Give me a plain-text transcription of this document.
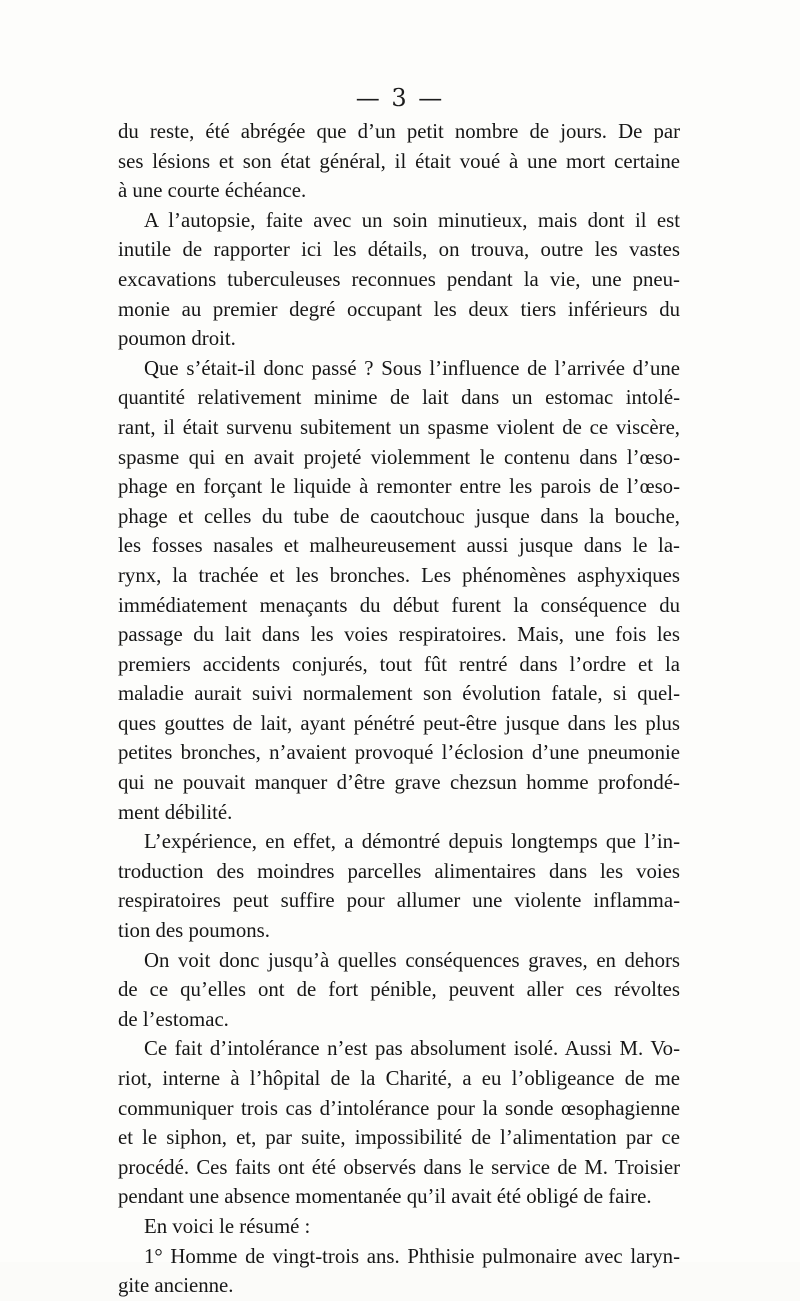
— 3 —

du reste, été abrégée que d’un petit nombre de jours. De par
ses lésions et son état général, il était voué à une mort certaine
à une courte échéance.

A l’autopsie, faite avec un soin minutieux, mais dont il est
inutile de rapporter ici les détails, on trouva, outre les vastes
excavations tuberculeuses reconnues pendant la vie, une pneu-
monie au premier degré occupant les deux tiers inférieurs du
poumon droit.

Que s’était-il donc passé ? Sous l’influence de l’arrivée d’une
quantité relativement minime de lait dans un estomac intolé-
rant, il était survenu subitement un spasme violent de ce viscère,
spasme qui en avait projeté violemment le contenu dans l’œso-
phage en forçant le liquide à remonter entre les parois de l’œso-
phage et celles du tube de caoutchouc jusque dans la bouche,
les fosses nasales et malheureusement aussi jusque dans le la-
rynx, la trachée et les bronches. Les phénomènes asphyxiques
immédiatement menaçants du début furent la conséquence du
passage du lait dans les voies respiratoires. Mais, une fois les
premiers accidents conjurés, tout fût rentré dans l’ordre et la
maladie aurait suivi normalement son évolution fatale, si quel-
ques gouttes de lait, ayant pénétré peut-être jusque dans les plus
petites bronches, n’avaient provoqué l’éclosion d’une pneumonie
qui ne pouvait manquer d’être grave chezsun homme profondé-
ment débilité.

L’expérience, en effet, a démontré depuis longtemps que l’in-
troduction des moindres parcelles alimentaires dans les voies
respiratoires peut suffire pour allumer une violente inflamma-
tion des poumons.

On voit donc jusqu’à quelles conséquences graves, en dehors
de ce qu’elles ont de fort pénible, peuvent aller ces révoltes
de l’estomac.

Ce fait d’intolérance n’est pas absolument isolé. Aussi M. Vo-
riot, interne à l’hôpital de la Charité, a eu l’obligeance de me
communiquer trois cas d’intolérance pour la sonde œsophagienne
et le siphon, et, par suite, impossibilité de l’alimentation par ce
procédé. Ces faits ont été observés dans le service de M. Troisier
pendant une absence momentanée qu’il avait été obligé de faire.

En voici le résumé :

1° Homme de vingt-trois ans. Phthisie pulmonaire avec laryn-
gite ancienne.
